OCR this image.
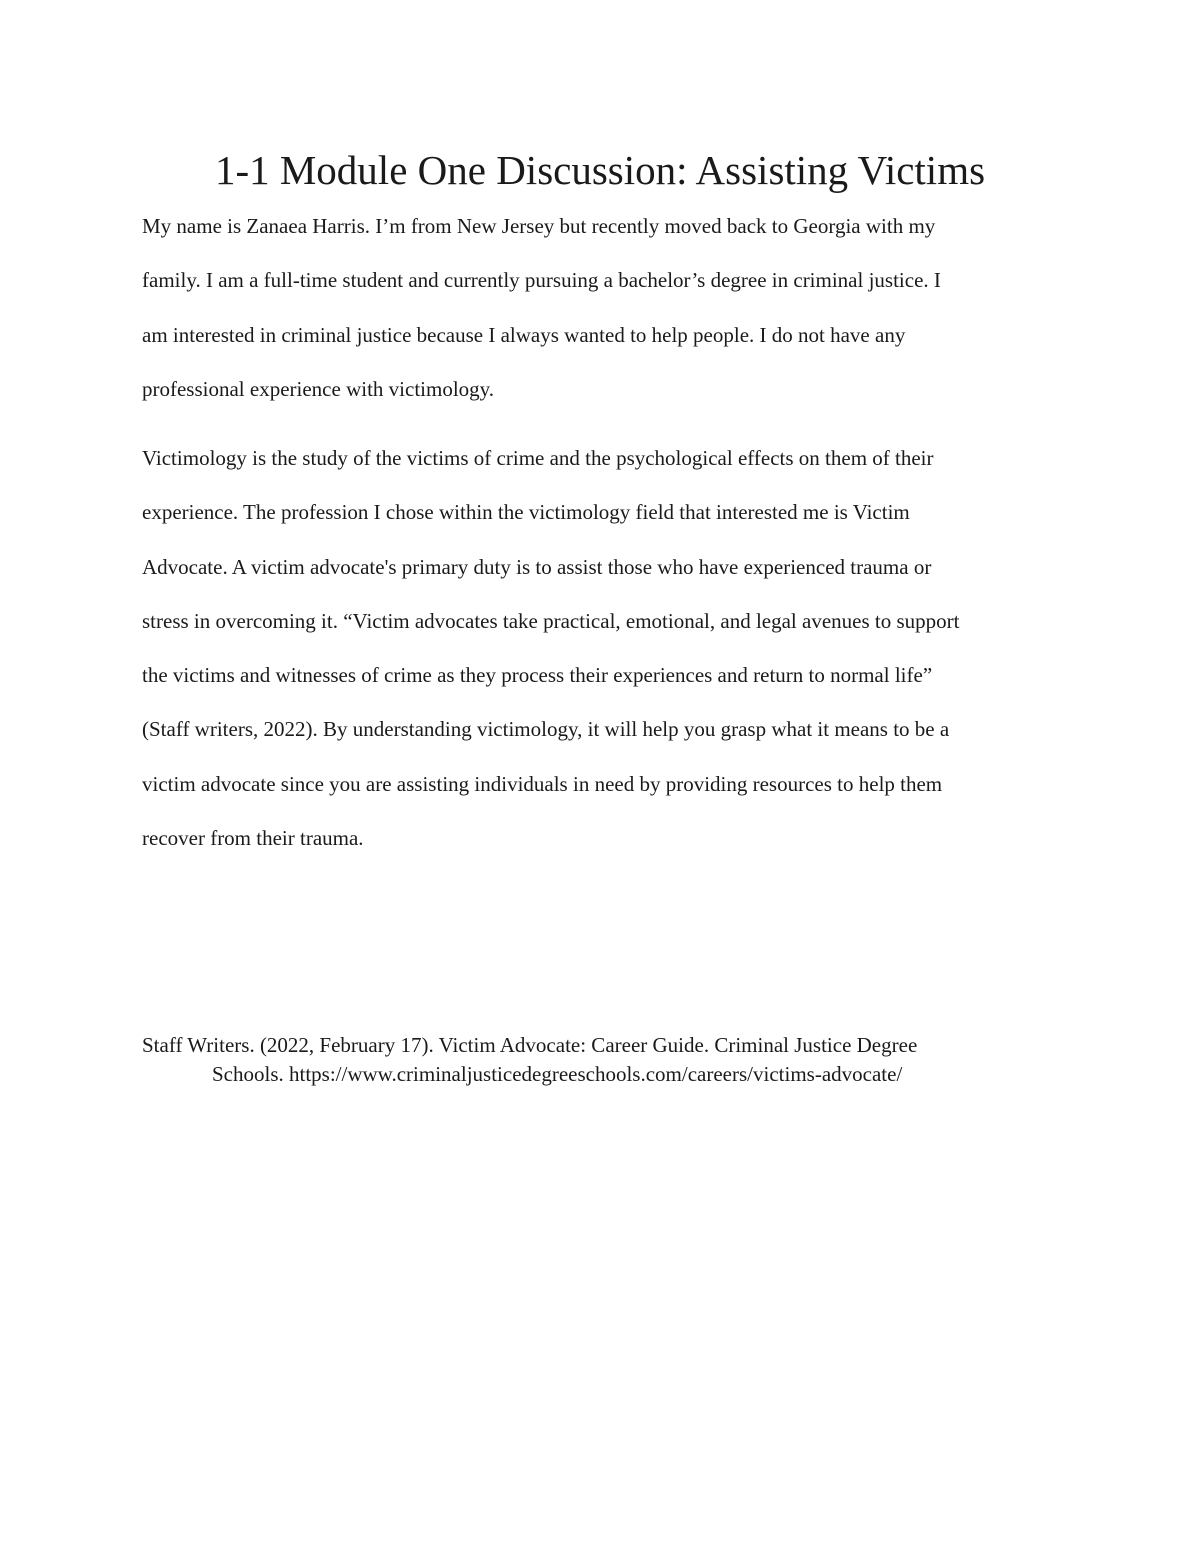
1-1 Module One Discussion: Assisting Victims

My name is Zanaea Harris. I’m from New Jersey but recently moved back to Georgia with my
family. I am a full-time student and currently pursuing a bachelor’s degree in criminal justice. I
am interested in criminal justice because I always wanted to help people. I do not have any
professional experience with victimology.

Victimology is the study of the victims of crime and the psychological effects on them of their
experience. The profession I chose within the victimology field that interested me is Victim
Advocate. A victim advocate's primary duty is to assist those who have experienced trauma or
stress in overcoming it. “Victim advocates take practical, emotional, and legal avenues to support
the victims and witnesses of crime as they process their experiences and return to normal life”
(Staff writers, 2022). By understanding victimology, it will help you grasp what it means to be a
victim advocate since you are assisting individuals in need by providing resources to help them
recover from their trauma.

Staff Writers. (2022, February 17). Victim Advocate: Career Guide. Criminal Justice Degree
Schools. https://www.criminaljusticedegreeschools.com/careers/victims-advocate/
